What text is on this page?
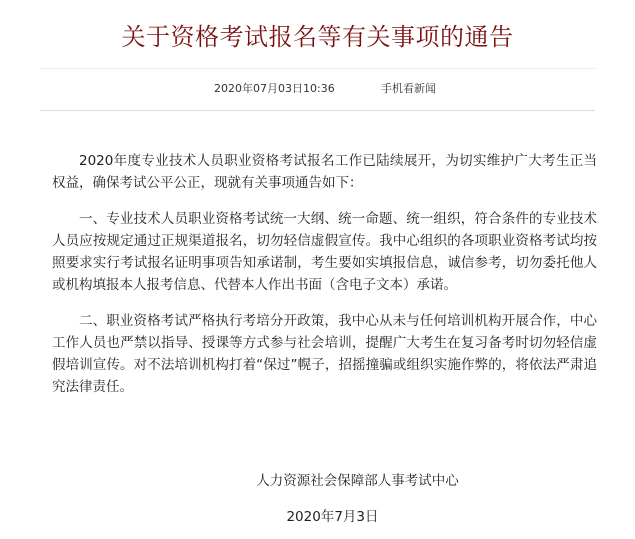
关于资格考试报名等有关事项的通告
2020年07月03日10:36	手机看新闻

2020年度专业技术人员职业资格考试报名工作已陆续展开，为切实维护广大考生正当权益，确保考试公平公正，现就有关事项通告如下：

一、专业技术人员职业资格考试统一大纲、统一命题、统一组织，符合条件的专业技术人员应按规定通过正规渠道报名，切勿轻信虚假宣传。我中心组织的各项职业资格考试均按照要求实行考试报名证明事项告知承诺制，考生要如实填报信息，诚信参考，切勿委托他人或机构填报本人报考信息、代替本人作出书面（含电子文本）承诺。

二、职业资格考试严格执行考培分开政策，我中心从未与任何培训机构开展合作，中心工作人员也严禁以指导、授课等方式参与社会培训，提醒广大考生在复习备考时切勿轻信虚假培训宣传。对不法培训机构打着“保过”幌子，招摇撞骗或组织实施作弊的，将依法严肃追究法律责任。

人力资源社会保障部人事考试中心
2020年7月3日
